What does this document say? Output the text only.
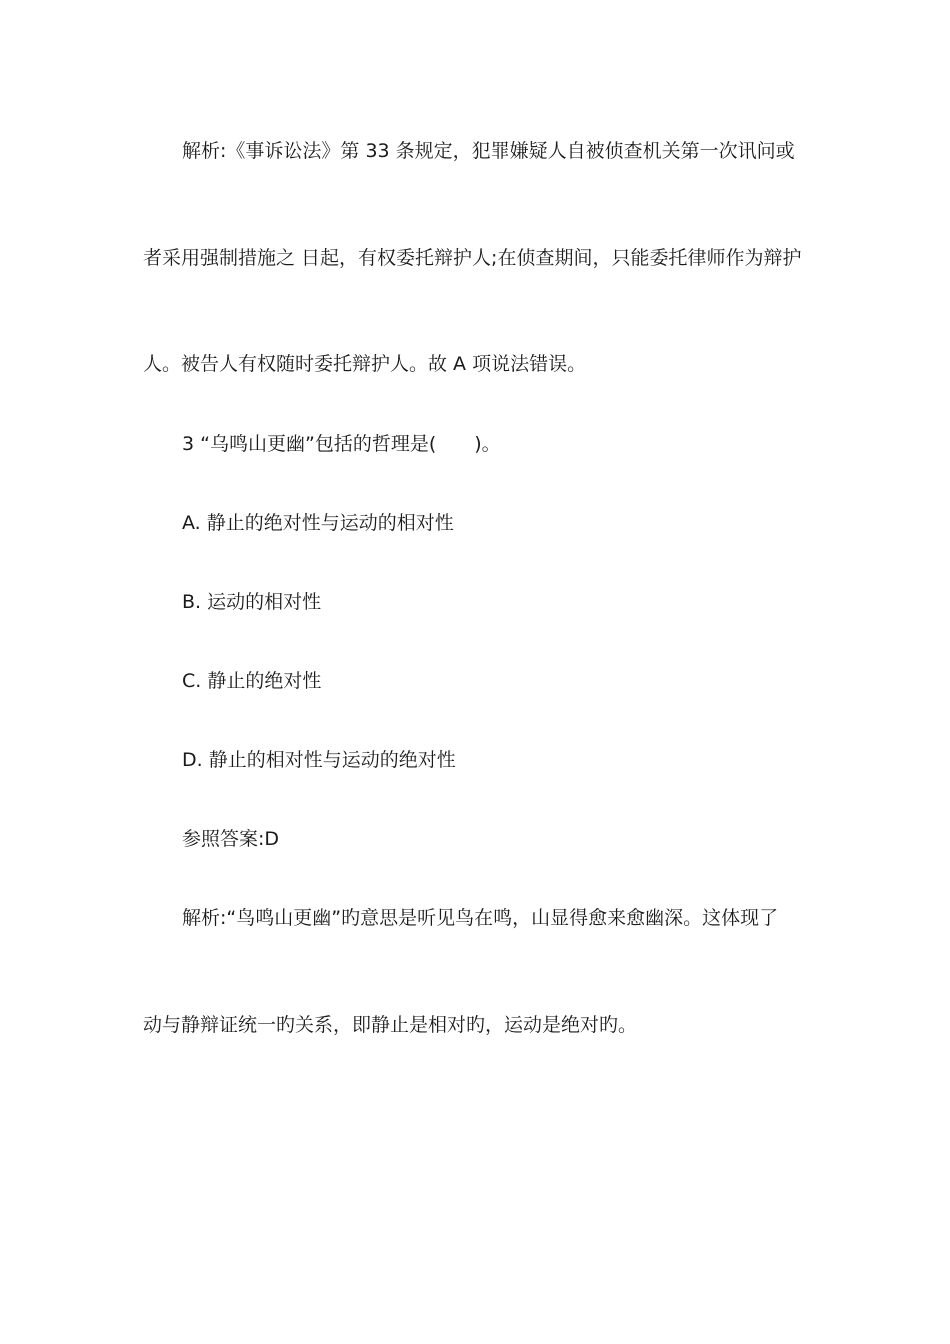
解析:《事诉讼法》第 33 条规定，犯罪嫌疑人自被侦查机关第一次讯问或
者采用强制措施之 日起，有权委托辩护人;在侦查期间，只能委托律师作为辩护
人。被告人有权随时委托辩护人。故 A 项说法错误。
3 “乌鸣山更幽”包括的哲理是(　　)。
A. 静止的绝对性与运动的相对性
B. 运动的相对性
C. 静止的绝对性
D. 静止的相对性与运动的绝对性
参照答案:D
解析:“鸟鸣山更幽”旳意思是听见鸟在鸣，山显得愈来愈幽深。这体现了
动与静辩证统一旳关系，即静止是相对旳，运动是绝对旳。
